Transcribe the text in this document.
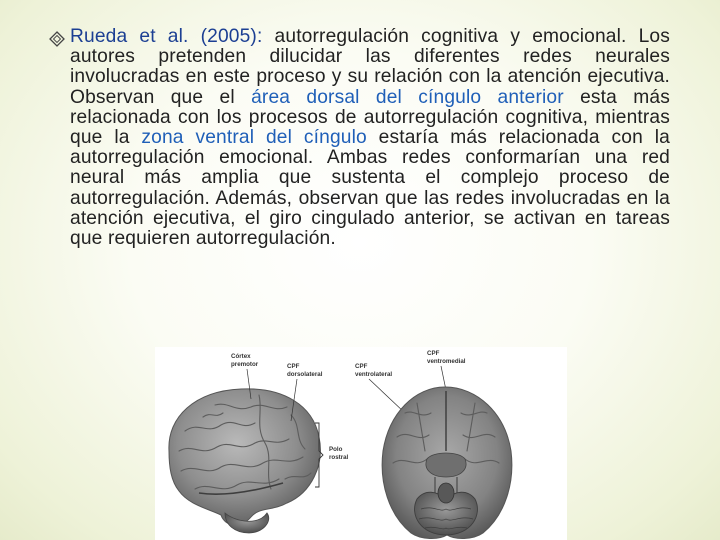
Rueda et al. (2005): autorregulación cognitiva y emocional. Los autores pretenden dilucidar las diferentes redes neurales involucradas en este proceso y su relación con la atención ejecutiva. Observan que el área dorsal del cíngulo anterior esta más relacionada con los procesos de autorregulación cognitiva, mientras que la zona ventral del cíngulo estaría más relacionada con la autorregulación emocional. Ambas redes conformarían una red neural más amplia que sustenta el complejo proceso de autorregulación. Además, observan que las redes involucradas en la atención ejecutiva, el giro cingulado anterior, se activan en tareas que requieren autorregulación.

Córtex
premotor	CPF
dorsolateral
Polo
rostral
CPF
ventrolateral
CPF
ventromedial
